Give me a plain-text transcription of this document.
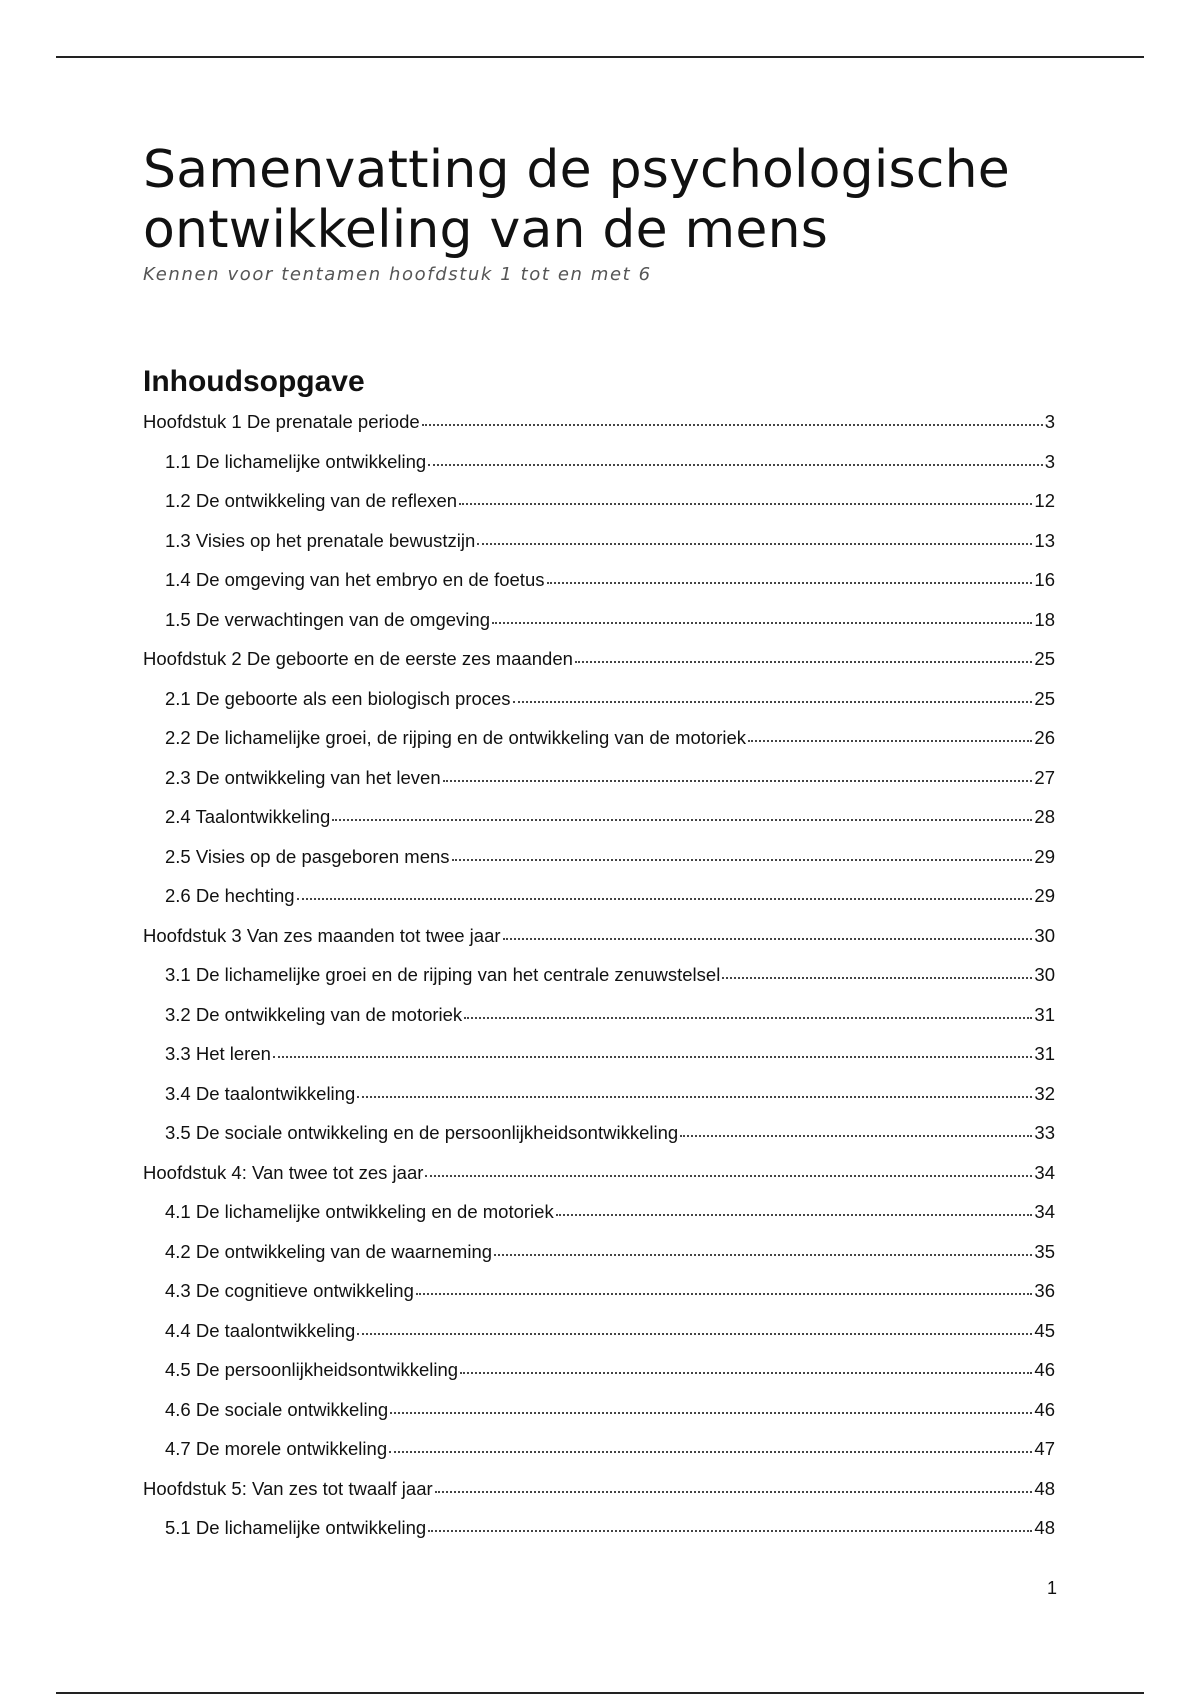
Samenvatting de psychologische ontwikkeling van de mens
Kennen voor tentamen hoofdstuk 1 tot en met 6
Inhoudsopgave
Hoofdstuk 1 De prenatale periode	3
1.1 De lichamelijke ontwikkeling	3
1.2 De ontwikkeling van de reflexen	12
1.3 Visies op het prenatale bewustzijn	13
1.4 De omgeving van het embryo en de foetus	16
1.5 De verwachtingen van de omgeving	18
Hoofdstuk 2 De geboorte en de eerste zes maanden	25
2.1 De geboorte als een biologisch proces	25
2.2 De lichamelijke groei, de rijping en de ontwikkeling van de motoriek	26
2.3 De ontwikkeling van het leven	27
2.4 Taalontwikkeling	28
2.5 Visies op de pasgeboren mens	29
2.6 De hechting	29
Hoofdstuk 3 Van zes maanden tot twee jaar	30
3.1 De lichamelijke groei en de rijping van het centrale zenuwstelsel	30
3.2 De ontwikkeling van de motoriek	31
3.3 Het leren	31
3.4 De taalontwikkeling	32
3.5 De sociale ontwikkeling en de persoonlijkheidsontwikkeling	33
Hoofdstuk 4: Van twee tot zes jaar	34
4.1 De lichamelijke ontwikkeling en de motoriek	34
4.2 De ontwikkeling van de waarneming	35
4.3 De cognitieve ontwikkeling	36
4.4 De taalontwikkeling	45
4.5 De persoonlijkheidsontwikkeling	46
4.6 De sociale ontwikkeling	46
4.7 De morele ontwikkeling	47
Hoofdstuk 5: Van zes tot twaalf jaar	48
5.1 De lichamelijke ontwikkeling	48
1
